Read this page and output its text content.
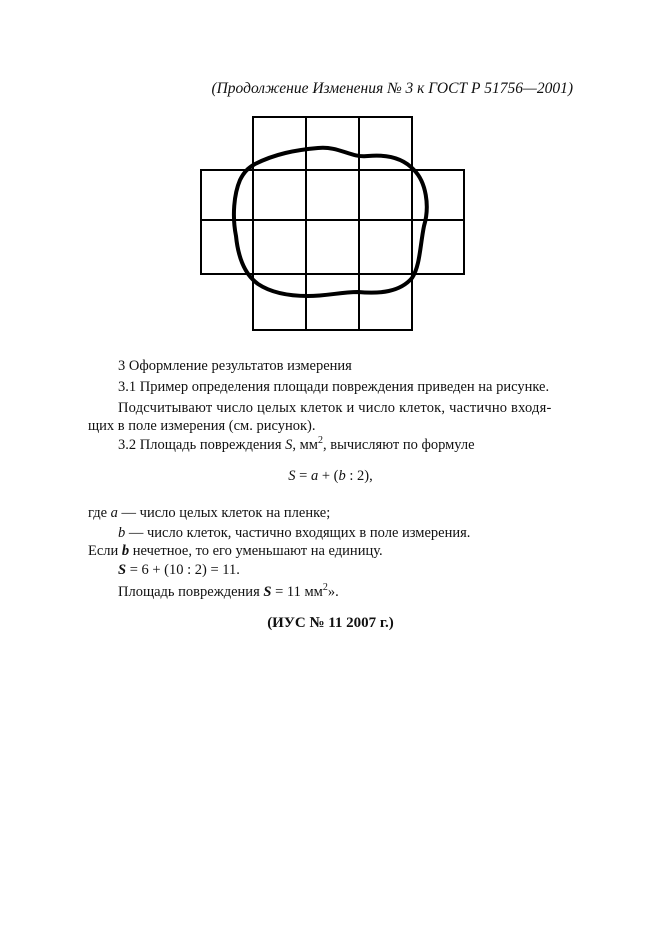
(Продолжение Изменения № 3 к ГОСТ Р 51756—2001)
3 Оформление результатов измерения
3.1 Пример определения площади повреждения приведен на рисунке.
Подсчитывают число целых клеток и число клеток, частично входя-
щих в поле измерения (см. рисунок).
3.2 Площадь повреждения S, $мм^2$, вычисляют по формуле
S = a + (b : 2),
где a — число целых клеток на пленке;
b — число клеток, частично входящих в поле измерения.
Если b нечетное, то его уменьшают на единицу.
S = 6 + (10 : 2) = 11.
Площадь повреждения S = 11 $мм^2$».
(ИУС № 11 2007 г.)
